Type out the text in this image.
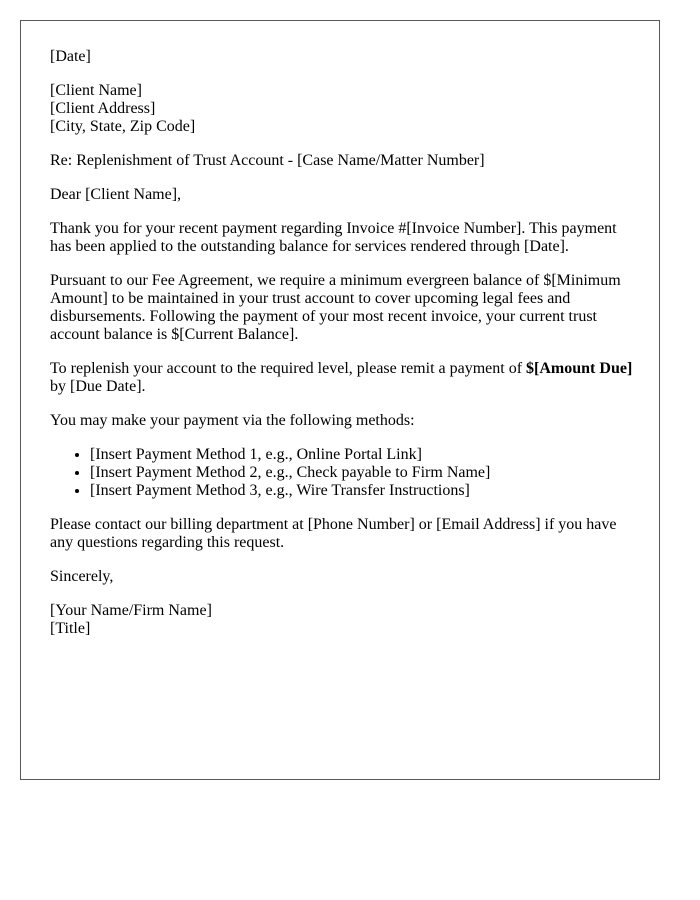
[Date]

[Client Name]
[Client Address]
[City, State, Zip Code]

Re: Replenishment of Trust Account - [Case Name/Matter Number]

Dear [Client Name],

Thank you for your recent payment regarding Invoice #[Invoice Number]. This payment has been applied to the outstanding balance for services rendered through [Date].

Pursuant to our Fee Agreement, we require a minimum evergreen balance of $[Minimum Amount] to be maintained in your trust account to cover upcoming legal fees and disbursements. Following the payment of your most recent invoice, your current trust account balance is $[Current Balance].

To replenish your account to the required level, please remit a payment of $[Amount Due] by [Due Date].

You may make your payment via the following methods:

• [Insert Payment Method 1, e.g., Online Portal Link]
• [Insert Payment Method 2, e.g., Check payable to Firm Name]
• [Insert Payment Method 3, e.g., Wire Transfer Instructions]

Please contact our billing department at [Phone Number] or [Email Address] if you have any questions regarding this request.

Sincerely,

[Your Name/Firm Name]
[Title]
